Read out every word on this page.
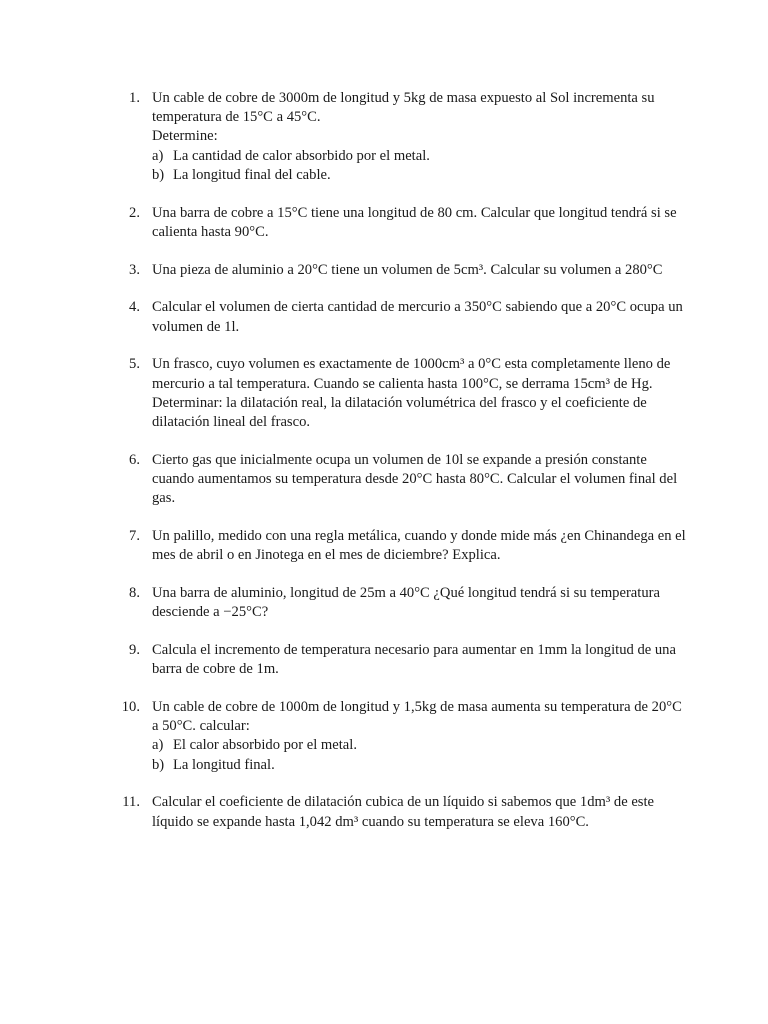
1. Un cable de cobre de 3000m de longitud y 5kg de masa expuesto al Sol incrementa su
temperatura de 15°C a 45°C.
Determine:
a) La cantidad de calor absorbido por el metal.
b) La longitud final del cable.
2. Una barra de cobre a 15°C tiene una longitud de 80 cm. Calcular que longitud tendrá si se
calienta hasta 90°C.
3. Una pieza de aluminio a 20°C tiene un volumen de 5cm³. Calcular su volumen a 280°C
4. Calcular el volumen de cierta cantidad de mercurio a 350°C sabiendo que a 20°C ocupa un
volumen de 1l.
5. Un frasco, cuyo volumen es exactamente de 1000cm³ a 0°C esta completamente lleno de
mercurio a tal temperatura. Cuando se calienta hasta 100°C, se derrama 15cm³ de Hg.
Determinar: la dilatación real, la dilatación volumétrica del frasco y el coeficiente de
dilatación lineal del frasco.
6. Cierto gas que inicialmente ocupa un volumen de 10l se expande a presión constante
cuando aumentamos su temperatura desde 20°C hasta 80°C. Calcular el volumen final del
gas.
7. Un palillo, medido con una regla metálica, cuando y donde mide más ¿en Chinandega en el
mes de abril o en Jinotega en el mes de diciembre? Explica.
8. Una barra de aluminio, longitud de 25m a 40°C ¿Qué longitud tendrá si su temperatura
desciende a −25°C?
9. Calcula el incremento de temperatura necesario para aumentar en 1mm la longitud de una
barra de cobre de 1m.
10. Un cable de cobre de 1000m de longitud y 1,5kg de masa aumenta su temperatura de 20°C
a 50°C. calcular:
a) El calor absorbido por el metal.
b) La longitud final.
11. Calcular el coeficiente de dilatación cubica de un líquido si sabemos que 1dm³ de este
líquido se expande hasta 1,042 dm³ cuando su temperatura se eleva 160°C.
